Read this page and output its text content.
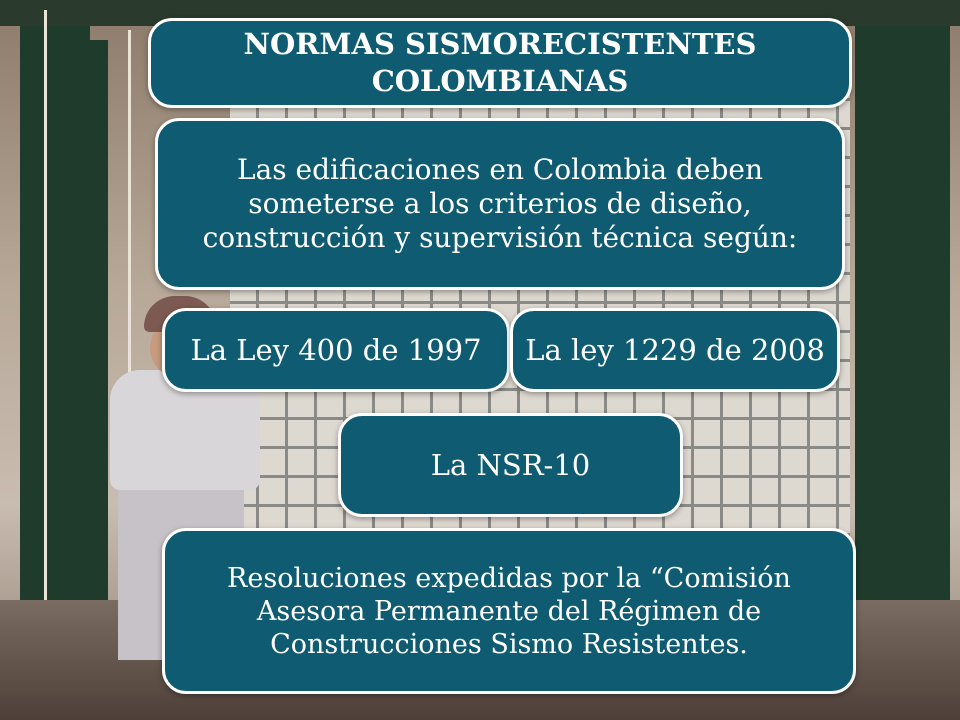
NORMAS SISMORECISTENTES COLOMBIANAS
Las edificaciones en Colombia deben someterse a los criterios de diseño, construcción y supervisión técnica según:
La Ley 400 de 1997 La ley 1229 de 2008
La NSR-10
Resoluciones expedidas por la “Comisión Asesora Permanente del Régimen de Construcciones Sismo Resistentes.
